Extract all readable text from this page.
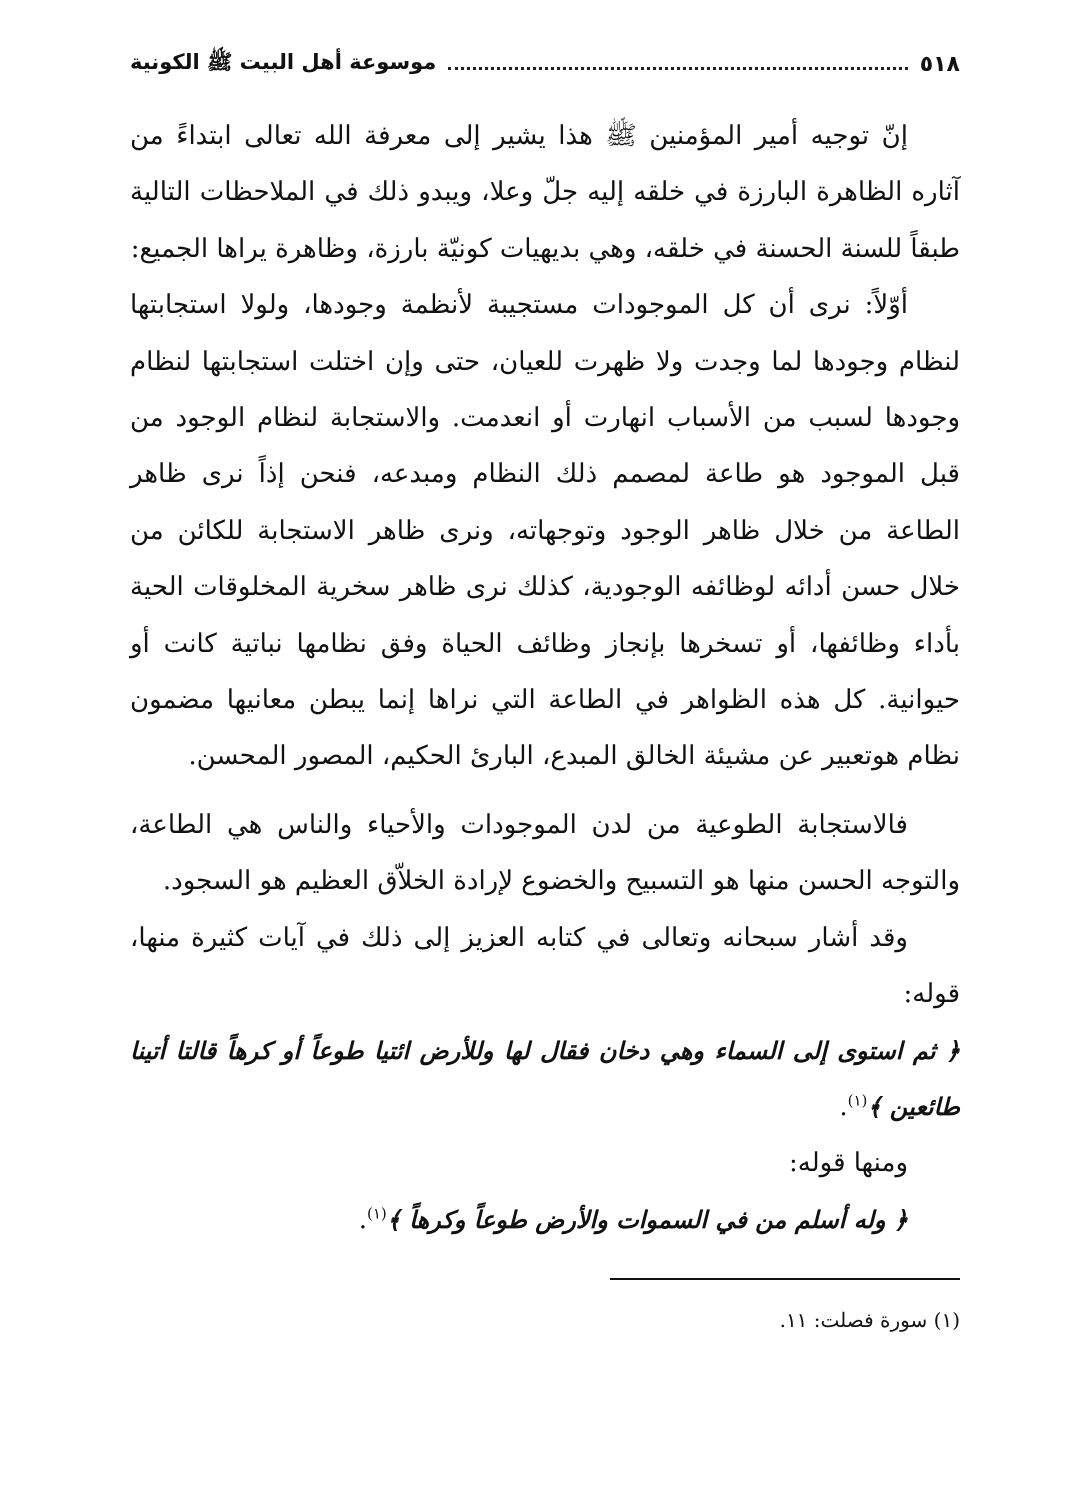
٥١٨
موسوعة أهل البيت ﷺ الكونية

إنّ توجيه أمير المؤمنين ﷺ هذا يشير إلى معرفة الله تعالى ابتداءً من آثاره الظاهرة البارزة في خلقه إليه جلّ وعلا، ويبدو ذلك في الملاحظات التالية طبقاً للسنة الحسنة في خلقه، وهي بديهيات كونيّة بارزة، وظاهرة يراها الجميع:

أوّلاً: نرى أن كل الموجودات مستجيبة لأنظمة وجودها، ولولا استجابتها لنظام وجودها لما وجدت ولا ظهرت للعيان، حتى وإن اختلت استجابتها لنظام وجودها لسبب من الأسباب انهارت أو انعدمت. والاستجابة لنظام الوجود من قبل الموجود هو طاعة لمصمم ذلك النظام ومبدعه، فنحن إذاً نرى ظاهر الطاعة من خلال ظاهر الوجود وتوجهاته، ونرى ظاهر الاستجابة للكائن من خلال حسن أدائه لوظائفه الوجودية، كذلك نرى ظاهر سخرية المخلوقات الحية بأداء وظائفها، أو تسخرها بإنجاز وظائف الحياة وفق نظامها نباتية كانت أو حيوانية. كل هذه الظواهر في الطاعة التي نراها إنما يبطن معانيها مضمون نظام هوتعبير عن مشيئة الخالق المبدع، البارئ الحكيم، المصور المحسن.

فالاستجابة الطوعية من لدن الموجودات والأحياء والناس هي الطاعة، والتوجه الحسن منها هو التسبيح والخضوع لإرادة الخلاّق العظيم هو السجود.

وقد أشار سبحانه وتعالى في كتابه العزيز إلى ذلك في آيات كثيرة منها، قوله:

﴿ ثم استوى إلى السماء وهي دخان فقال لها وللأرض ائتيا طوعاً أو كرهاً قالتا أتينا طائعين ﴾$^{(١)}$.

ومنها قوله:

﴿ وله أسلم من في السموات والأرض طوعاً وكرهاً ﴾$^{(١)}$.

(١) سورة فصلت: ١١.
